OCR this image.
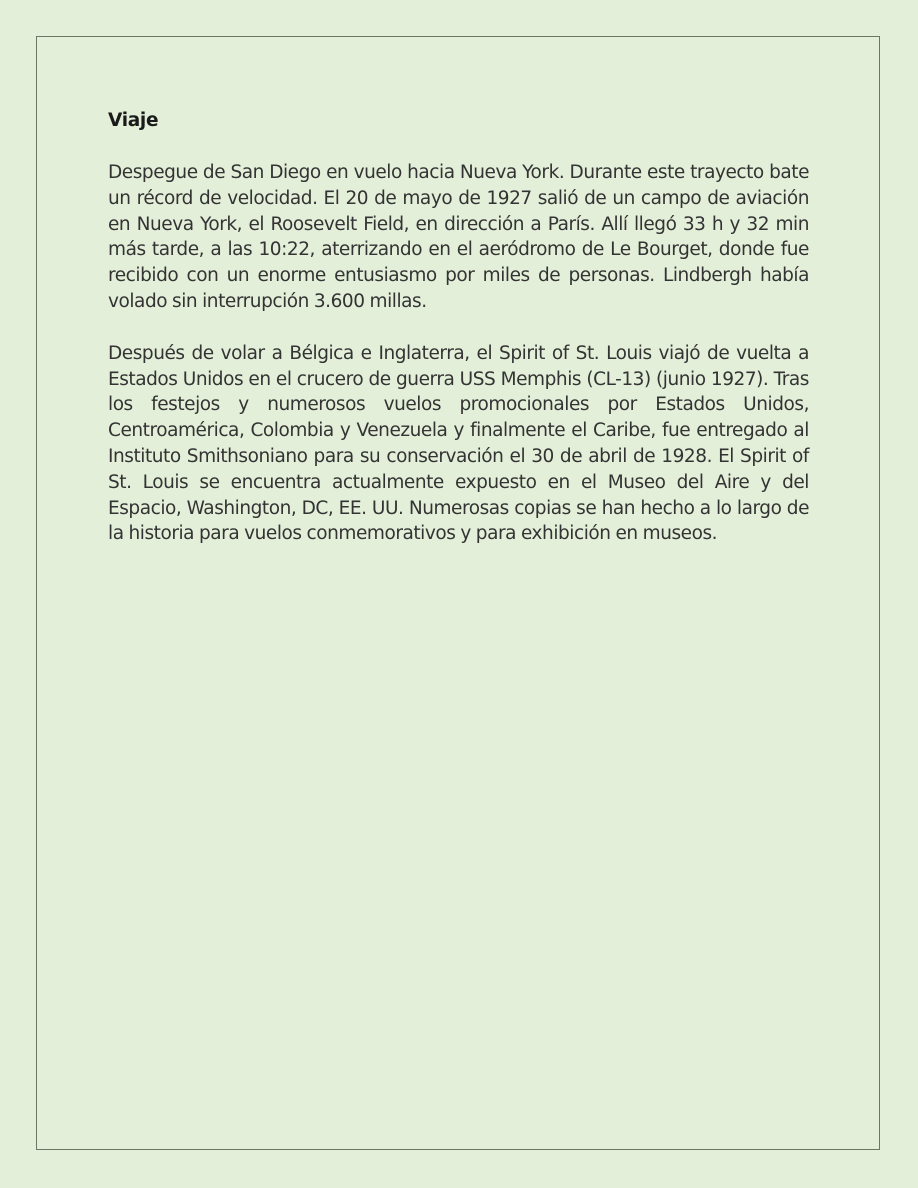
Viaje

Despegue de San Diego en vuelo hacia Nueva York. Durante este trayecto bate un récord de velocidad. El 20 de mayo de 1927 salió de un campo de aviación en Nueva York, el Roosevelt Field, en dirección a París. Allí llegó 33 h y 32 min más tarde, a las 10:22, aterrizando en el aeródromo de Le Bourget, donde fue recibido con un enorme entusiasmo por miles de personas. Lindbergh había volado sin interrupción 3.600 millas.

Después de volar a Bélgica e Inglaterra, el Spirit of St. Louis viajó de vuelta a Estados Unidos en el crucero de guerra USS Memphis (CL-13) (junio 1927). Tras los festejos y numerosos vuelos promocionales por Estados Unidos, Centroamérica, Colombia y Venezuela y finalmente el Caribe, fue entregado al Instituto Smithsoniano para su conservación el 30 de abril de 1928. El Spirit of St. Louis se encuentra actualmente expuesto en el Museo del Aire y del Espacio, Washington, DC, EE. UU. Numerosas copias se han hecho a lo largo de la historia para vuelos conmemorativos y para exhibición en museos.
